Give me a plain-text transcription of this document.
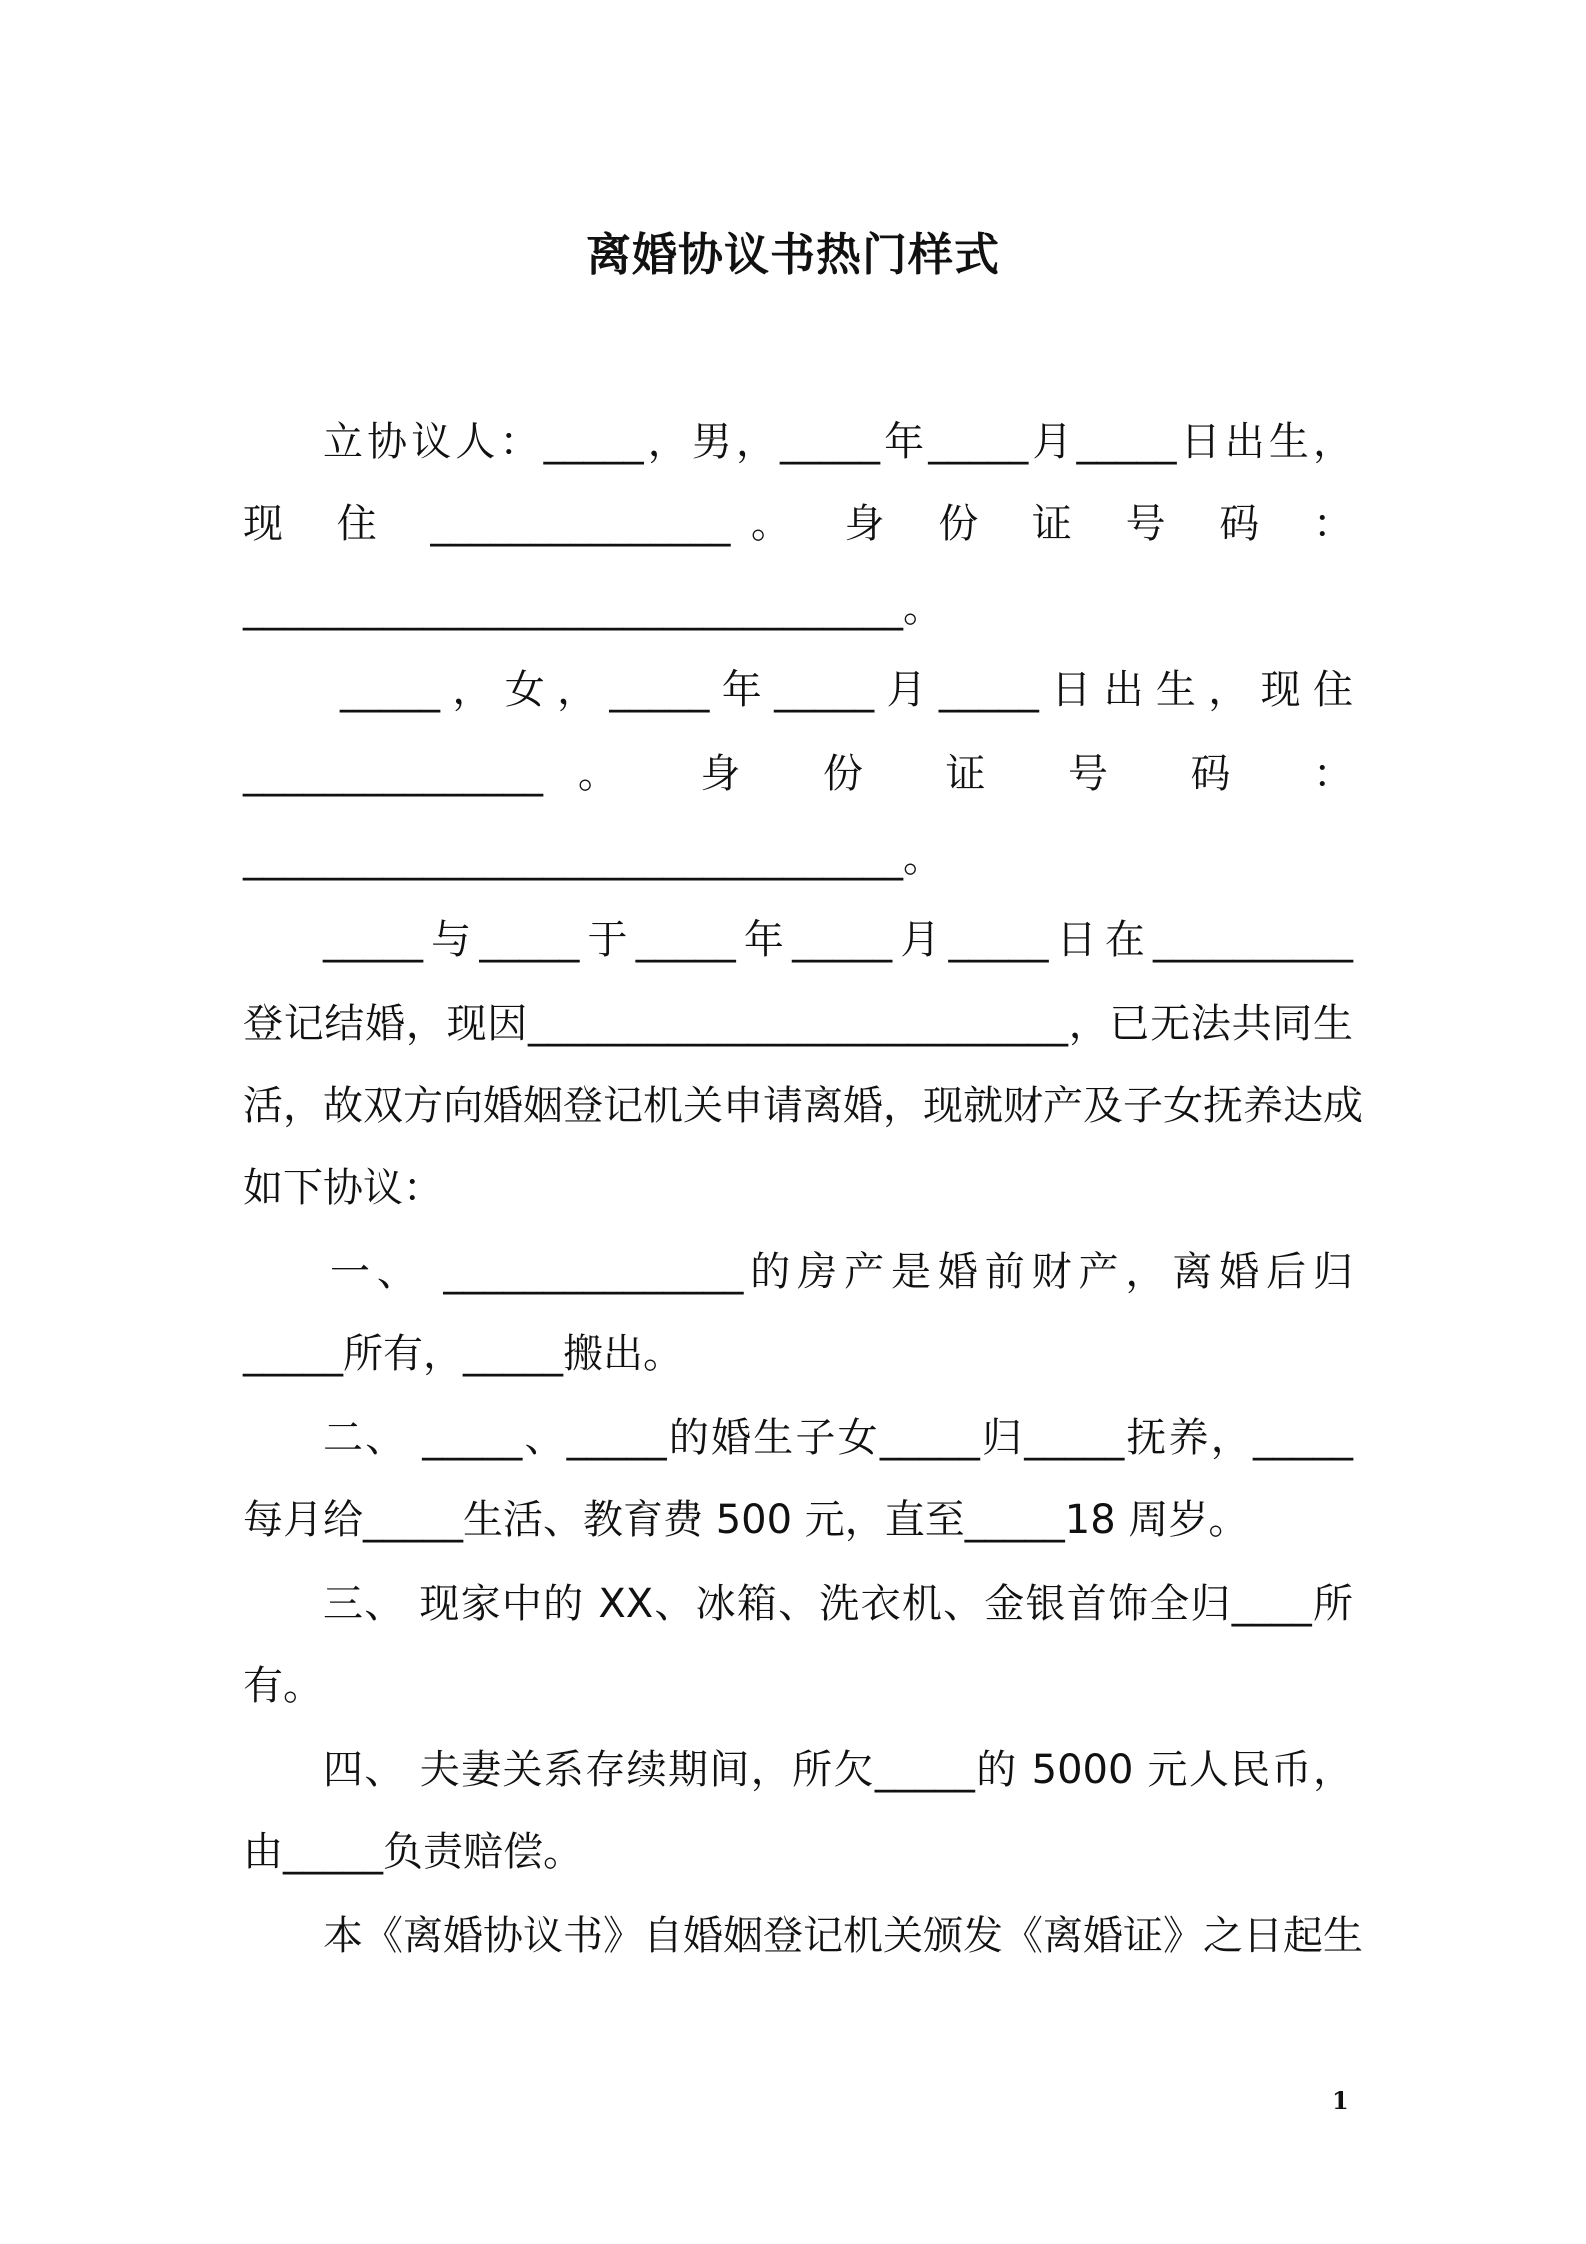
离婚协议书热门样式

立协议人：_____，男，_____年_____月_____日出生，

现 住 _______________。 身 份 证 号 码 ：

_________________________________。

_____，女，_____年_____月_____日出生，现住

_______________。 身 份 证 号 码 ：

_________________________________。

_____与_____于_____年_____月_____日在__________

登记结婚，现因___________________________，已无法共同生

活，故双方向婚姻登记机关申请离婚，现就财产及子女抚养达成

如下协议：

一、 _______________的房产是婚前财产，离婚后归

_____所有，_____搬出。

二、 _____、_____的婚生子女_____归_____抚养，_____

每月给_____生活、教育费 500 元，直至_____18 周岁。

三、 现家中的 XX、冰箱、洗衣机、金银首饰全归____所

有。

四、 夫妻关系存续期间，所欠_____的 5000 元人民币，

由_____负责赔偿。

本《离婚协议书》自婚姻登记机关颁发《离婚证》之日起生

1
